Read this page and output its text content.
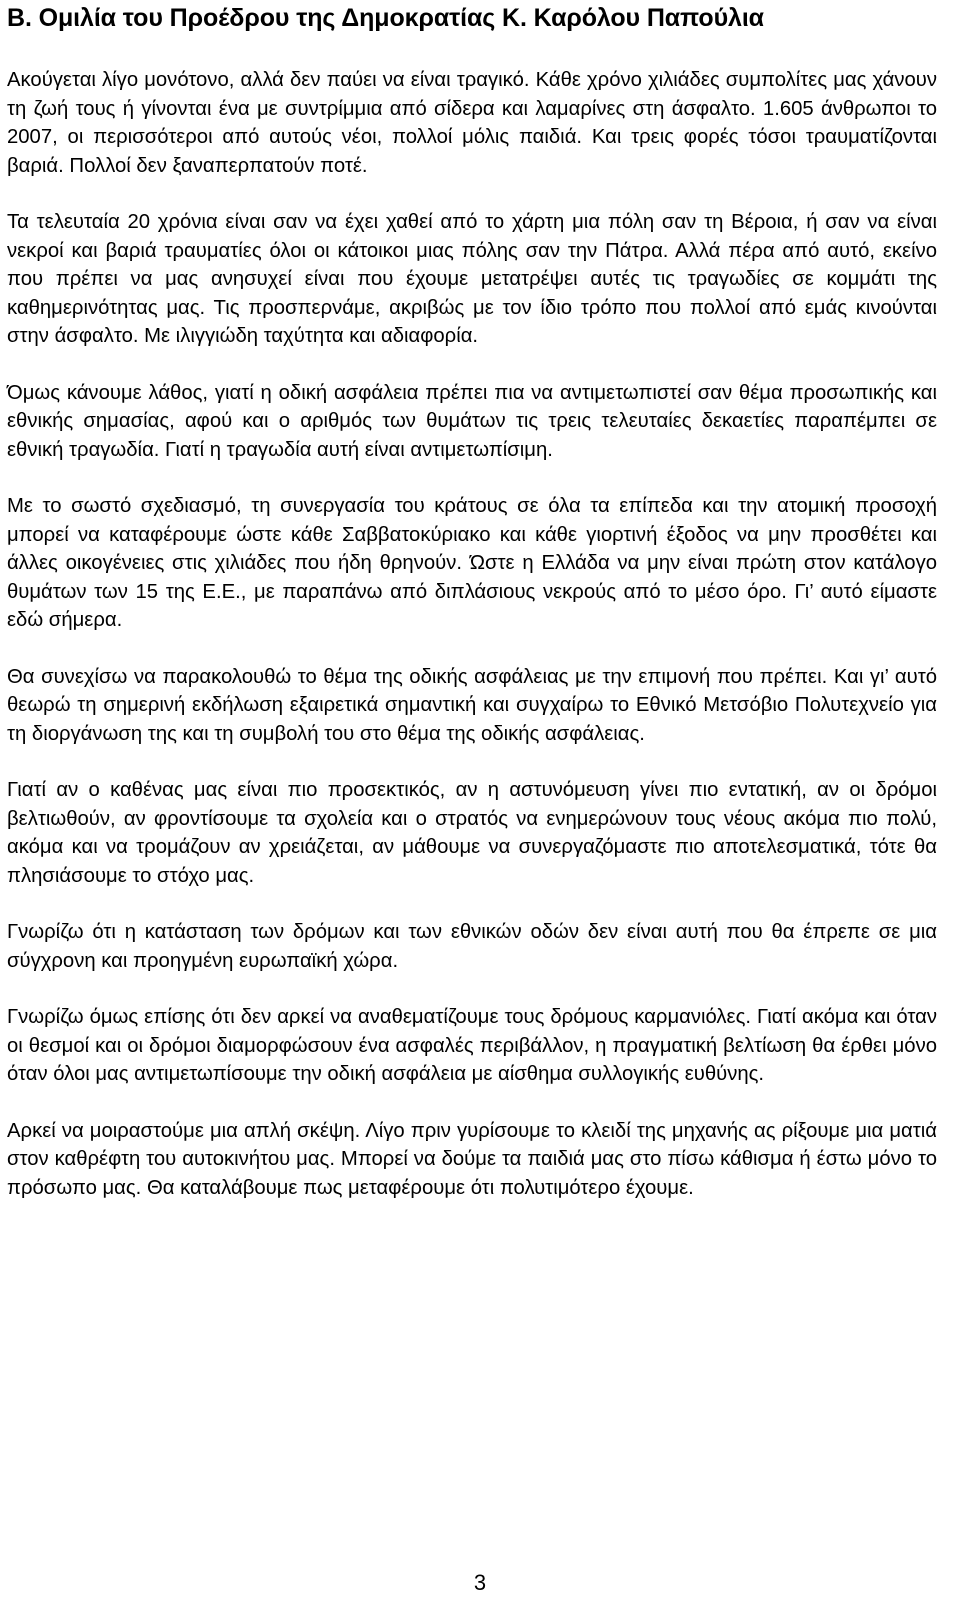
B. Ομιλία του Προέδρου της Δημοκρατίας Κ. Καρόλου Παπούλια

Ακούγεται λίγο μονότονο, αλλά δεν παύει να είναι τραγικό. Κάθε χρόνο χιλιάδες συμπολίτες μας χάνουν τη ζωή τους ή γίνονται ένα με συντρίμμια από σίδερα και λαμαρίνες στη άσφαλτο. 1.605 άνθρωποι το 2007, οι περισσότεροι από αυτούς νέοι, πολλοί μόλις παιδιά. Και τρεις φορές τόσοι τραυματίζονται βαριά. Πολλοί δεν ξαναπερπατούν ποτέ.

Τα τελευταία 20 χρόνια είναι σαν να έχει χαθεί από το χάρτη μια πόλη σαν τη Βέροια, ή σαν να είναι νεκροί και βαριά τραυματίες όλοι οι κάτοικοι μιας πόλης σαν την Πάτρα. Αλλά πέρα από αυτό, εκείνο που πρέπει να μας ανησυχεί είναι που έχουμε μετατρέψει αυτές τις τραγωδίες σε κομμάτι της καθημερινότητας μας. Τις προσπερνάμε, ακριβώς με τον ίδιο τρόπο που πολλοί από εμάς κινούνται στην άσφαλτο. Με ιλιγγιώδη ταχύτητα και αδιαφορία.

Όμως κάνουμε λάθος, γιατί η οδική ασφάλεια πρέπει πια να αντιμετωπιστεί σαν θέμα προσωπικής και εθνικής σημασίας, αφού και ο αριθμός των θυμάτων τις τρεις τελευταίες δεκαετίες παραπέμπει σε εθνική τραγωδία. Γιατί η τραγωδία αυτή είναι αντιμετωπίσιμη.

Με το σωστό σχεδιασμό, τη συνεργασία του κράτους σε όλα τα επίπεδα και την ατομική προσοχή μπορεί να καταφέρουμε ώστε κάθε Σαββατοκύριακο και κάθε γιορτινή έξοδος να μην προσθέτει και άλλες οικογένειες στις χιλιάδες που ήδη θρηνούν. Ώστε η Ελλάδα να μην είναι πρώτη στον κατάλογο θυμάτων των 15 της Ε.Ε., με παραπάνω από διπλάσιους νεκρούς από το μέσο όρο. Γι’ αυτό είμαστε εδώ σήμερα.

Θα συνεχίσω να παρακολουθώ το θέμα της οδικής ασφάλειας με την επιμονή που πρέπει. Και γι’ αυτό θεωρώ τη σημερινή εκδήλωση εξαιρετικά σημαντική και συγχαίρω το Εθνικό Μετσόβιο Πολυτεχνείο για τη διοργάνωση της και τη συμβολή του στο θέμα της οδικής ασφάλειας.

Γιατί αν ο καθένας μας είναι πιο προσεκτικός, αν η αστυνόμευση γίνει πιο εντατική, αν οι δρόμοι βελτιωθούν, αν φροντίσουμε τα σχολεία και ο στρατός να ενημερώνουν τους νέους ακόμα πιο πολύ, ακόμα και να τρομάζουν αν χρειάζεται, αν μάθουμε να συνεργαζόμαστε πιο αποτελεσματικά, τότε θα πλησιάσουμε το στόχο μας.

Γνωρίζω ότι η κατάσταση των δρόμων και των εθνικών οδών δεν είναι αυτή που θα έπρεπε σε μια σύγχρονη και προηγμένη ευρωπαϊκή χώρα.

Γνωρίζω όμως επίσης ότι δεν αρκεί να αναθεματίζουμε τους δρόμους καρμανιόλες. Γιατί ακόμα και όταν οι θεσμοί και οι δρόμοι διαμορφώσουν ένα ασφαλές περιβάλλον, η πραγματική βελτίωση θα έρθει μόνο όταν όλοι μας αντιμετωπίσουμε την οδική ασφάλεια με αίσθημα συλλογικής ευθύνης.

Αρκεί να μοιραστούμε μια απλή σκέψη. Λίγο πριν γυρίσουμε το κλειδί της μηχανής ας ρίξουμε μια ματιά στον καθρέφτη του αυτοκινήτου μας. Μπορεί να δούμε τα παιδιά μας στο πίσω κάθισμα ή έστω μόνο το πρόσωπο μας. Θα καταλάβουμε πως μεταφέρουμε ότι πολυτιμότερο έχουμε.

3
